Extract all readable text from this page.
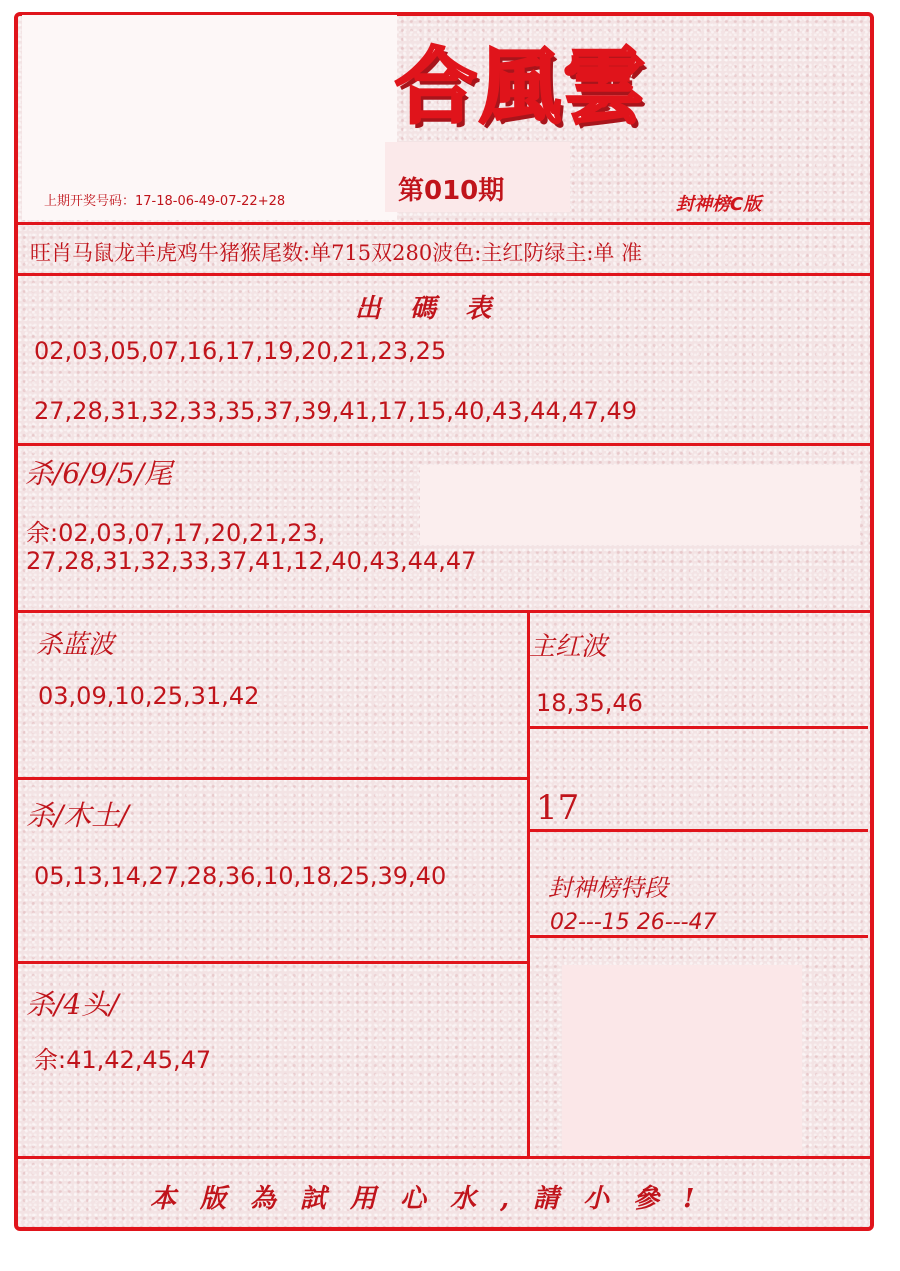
合風雲
封神榜C版
上期开奖号码：17-18-06-49-07-22+28	第010期
旺肖马鼠龙羊虎鸡牛猪猴尾数:单715双280波色:主红防绿主:单 准
出 碼 表
02,03,05,07,16,17,19,20,21,23,25
27,28,31,32,33,35,37,39,41,17,15,40,43,44,47,49
杀/6/9/5/尾
余:02,03,07,17,20,21,23,
27,28,31,32,33,37,41,12,40,43,44,47
杀蓝波
03,09,10,25,31,42
主红波
18,35,46
杀/木土/
05,13,14,27,28,36,10,18,25,39,40
17
封神榜特段
02---15 26---47
杀/4头/
余:41,42,45,47
本版為試用心水,請小參!
